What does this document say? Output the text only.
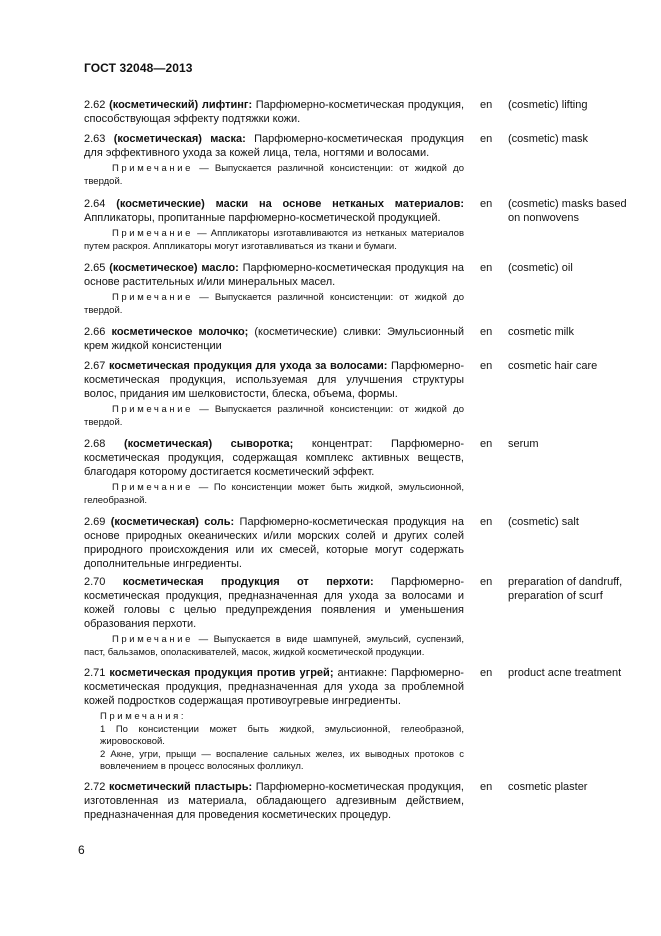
ГОСТ 32048—2013
2.62 (косметический) лифтинг: Парфюмерно-косметическая продукция, способствующая эффекту подтяжки кожи.
en (cosmetic) lifting
2.63 (косметическая) маска: Парфюмерно-косметическая продукция для эффективного ухода за кожей лица, тела, ногтями и волосами.
Примечание — Выпускается различной консистенции: от жидкой до твердой.
en (cosmetic) mask
2.64 (косметические) маски на основе нетканых материалов: Аппликаторы, пропитанные парфюмерно-косметической продукцией.
Примечание — Аппликаторы изготавливаются из нетканых материалов путем раскроя. Аппликаторы могут изготавливаться из ткани и бумаги.
en (cosmetic) masks based on nonwovens
2.65 (косметическое) масло: Парфюмерно-косметическая продукция на основе растительных и/или минеральных масел.
Примечание — Выпускается различной консистенции: от жидкой до твердой.
en (cosmetic) oil
2.66 косметическое молочко; (косметические) сливки: Эмульсионный крем жидкой консистенции
en cosmetic milk
2.67 косметическая продукция для ухода за волосами: Парфюмерно-косметическая продукция, используемая для улучшения структуры волос, придания им шелковистости, блеска, объема, формы.
Примечание — Выпускается различной консистенции: от жидкой до твердой.
en cosmetic hair care
2.68 (косметическая) сыворотка; концентрат: Парфюмерно-косметическая продукция, содержащая комплекс активных веществ, благодаря которому достигается косметический эффект.
Примечание — По консистенции может быть жидкой, эмульсионной, гелеобразной.
en serum
2.69 (косметическая) соль: Парфюмерно-косметическая продукция на основе природных океанических и/или морских солей и других солей природного происхождения или их смесей, которые могут содержать дополнительные ингредиенты.
en (cosmetic) salt
2.70 косметическая продукция от перхоти: Парфюмерно-косметическая продукция, предназначенная для ухода за волосами и кожей головы с целью предупреждения появления и уменьшения образования перхоти.
Примечание — Выпускается в виде шампуней, эмульсий, суспензий, паст, бальзамов, ополаскивателей, масок, жидкой косметической продукции.
en preparation of dandruff, preparation of scurf
2.71 косметическая продукция против угрей; антиакне: Парфюмерно-косметическая продукция, предназначенная для ухода за проблемной кожей подростков содержащая противоугревые ингредиенты.
Примечания:
1 По консистенции может быть жидкой, эмульсионной, гелеобразной, жировосковой.
2 Акне, угри, прыщи — воспаление сальных желез, их выводных протоков с вовлечением в процесс волосяных фолликул.
en product acne treatment
2.72 косметический пластырь: Парфюмерно-косметическая продукция, изготовленная из материала, обладающего адгезивным действием, предназначенная для проведения косметических процедур.
en cosmetic plaster
6
